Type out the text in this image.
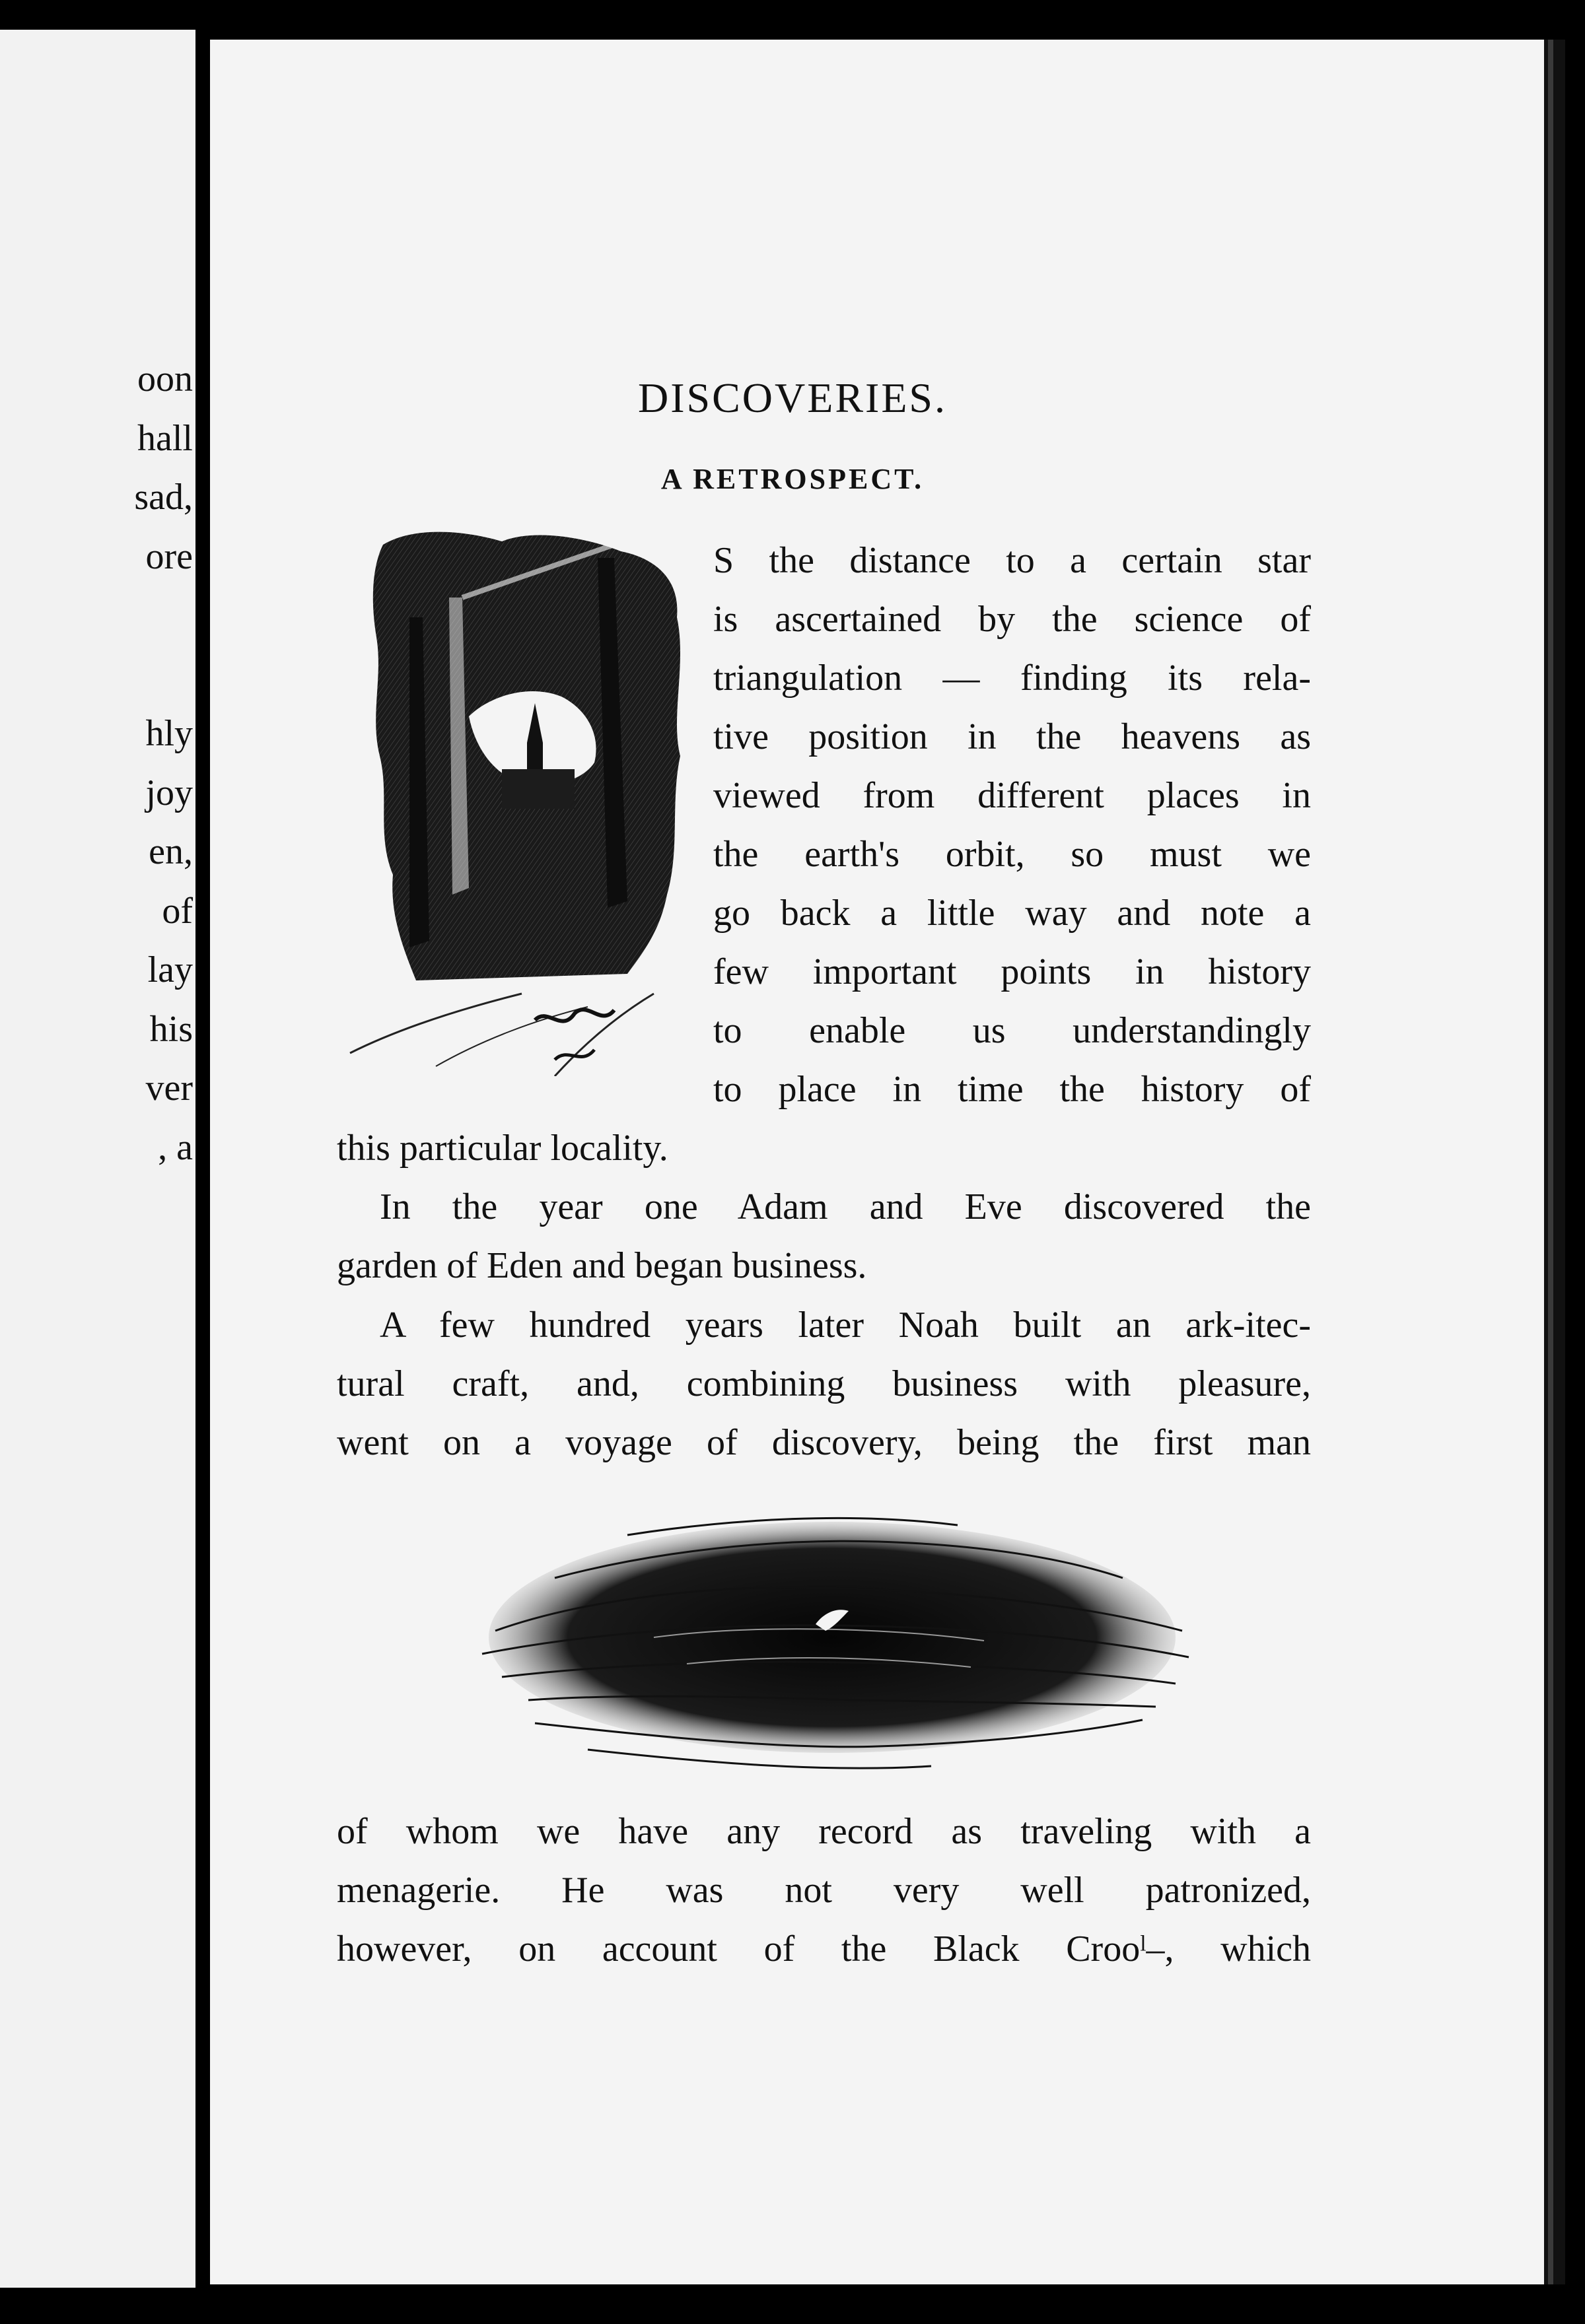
oon
hall
sad,
ore

hly
joy
en,
of
lay
his
ver
, a
DISCOVERIES.
A RETROSPECT.
S the distance to a certain star
is ascertained by the science of
triangulation — finding its rela-
tive position in the heavens as
viewed from different places in
the earth's orbit, so must we
go back a little way and note a
few important points in history
to enable us understandingly
to place in time the history of
this particular locality.
In the year one Adam and Eve discovered the
garden of Eden and began business.
A few hundred years later Noah built an ark-itec-
tural craft, and, combining business with pleasure,
went on a voyage of discovery, being the first man
of whom we have any record as traveling with a
menagerie. He was not very well patronized,
however, on account of the Black Crooˡ–, which
